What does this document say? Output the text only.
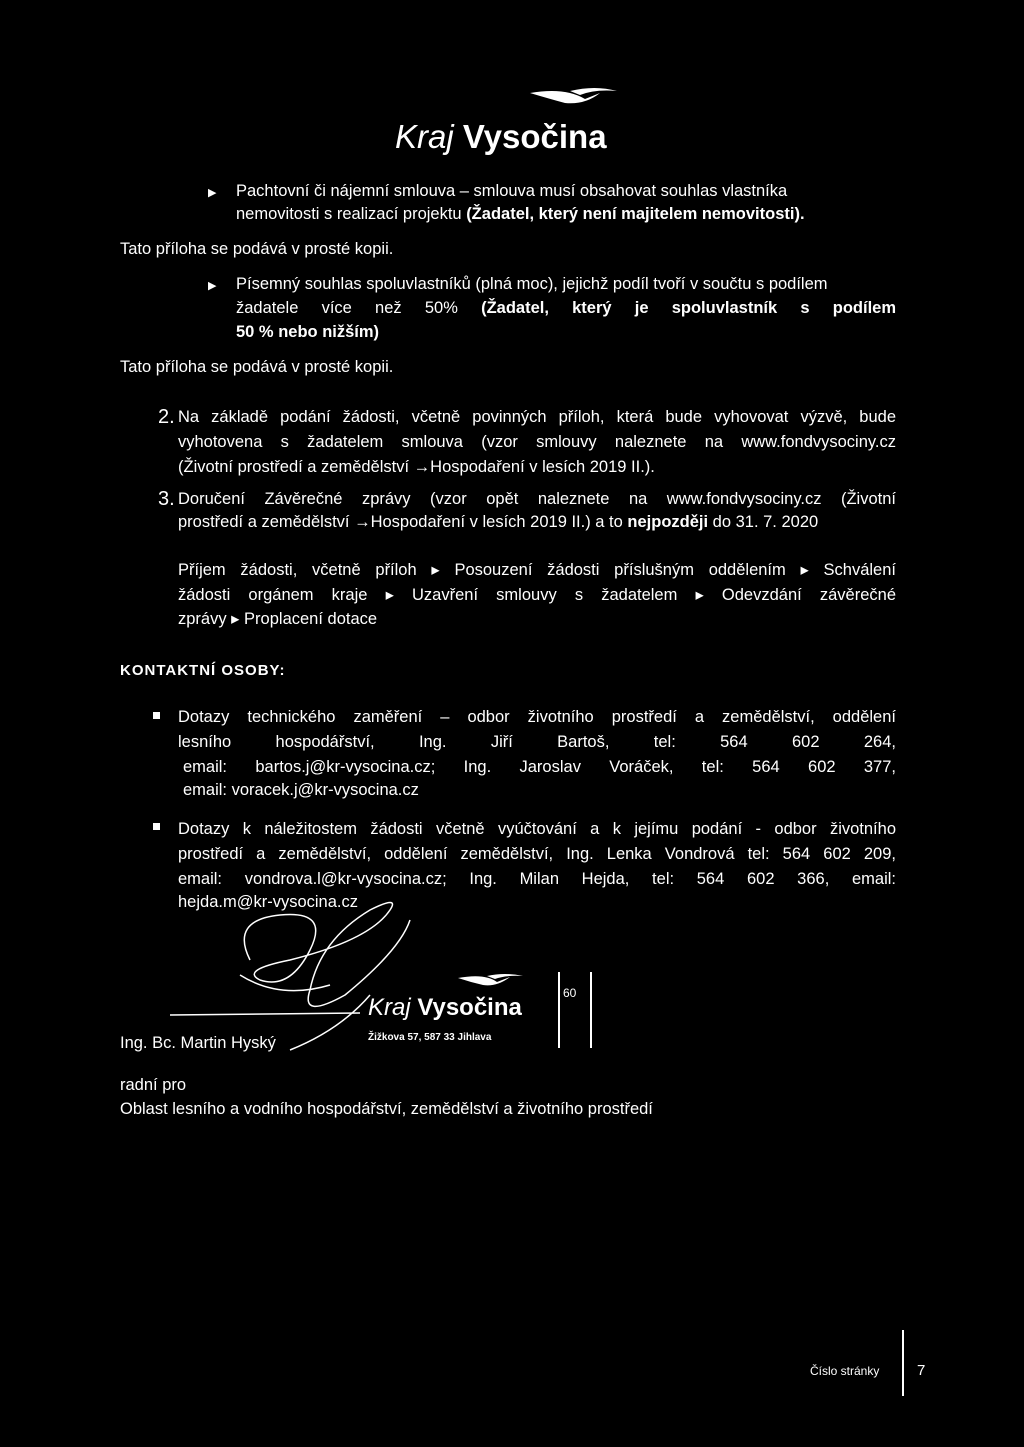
Kraj Vysočina
▶ Pachtovní či nájemní smlouva – smlouva musí obsahovat souhlas vlastníka
nemovitosti s realizací projektu (Žadatel, který není majitelem nemovitosti).
Tato příloha se podává v prosté kopii.
▶ Písemný souhlas spoluvlastníků (plná moc), jejichž podíl tvoří v součtu s podílem
žadatele více než 50% (Žadatel, který je spoluvlastník s podílem
50 % nebo nižším)
Tato příloha se podává v prosté kopii.
2. Na základě podání žádosti, včetně povinných příloh, která bude vyhovovat výzvě, bude
vyhotovena s žadatelem smlouva (vzor smlouvy naleznete na www.fondvysociny.cz
(Životní prostředí a zemědělství →Hospodaření v lesích 2019 II.).
3. Doručení Závěrečné zprávy (vzor opět naleznete na www.fondvysociny.cz (Životní
prostředí a zemědělství →Hospodaření v lesích 2019 II.) a to nejpozději do 31. 7. 2020
Příjem žádosti, včetně příloh ▸ Posouzení žádosti příslušným oddělením ▸ Schválení
žádosti orgánem kraje ▸ Uzavření smlouvy s žadatelem ▸ Odevzdání závěrečné
zprávy ▸ Proplacení dotace
KONTAKTNÍ OSOBY:
Dotazy technického zaměření – odbor životního prostředí a zemědělství, oddělení
lesního hospodářství, Ing. Jiří Bartoš, tel: 564 602 264,
email: bartos.j@kr-vysocina.cz; Ing. Jaroslav Voráček, tel: 564 602 377,
email: voracek.j@kr-vysocina.cz
Dotazy k náležitostem žádosti včetně vyúčtování a k jejímu podání - odbor životního
prostředí a zemědělství, oddělení zemědělství, Ing. Lenka Vondrová tel: 564 602 209,
email: vondrova.l@kr-vysocina.cz; Ing. Milan Hejda, tel: 564 602 366, email:
hejda.m@kr-vysocina.cz
Kraj Vysočina
Žižkova 57, 587 33 Jihlava
60
Ing. Bc. Martin Hyský
radní pro
Oblast lesního a vodního hospodářství, zemědělství a životního prostředí
Číslo stránky	7
